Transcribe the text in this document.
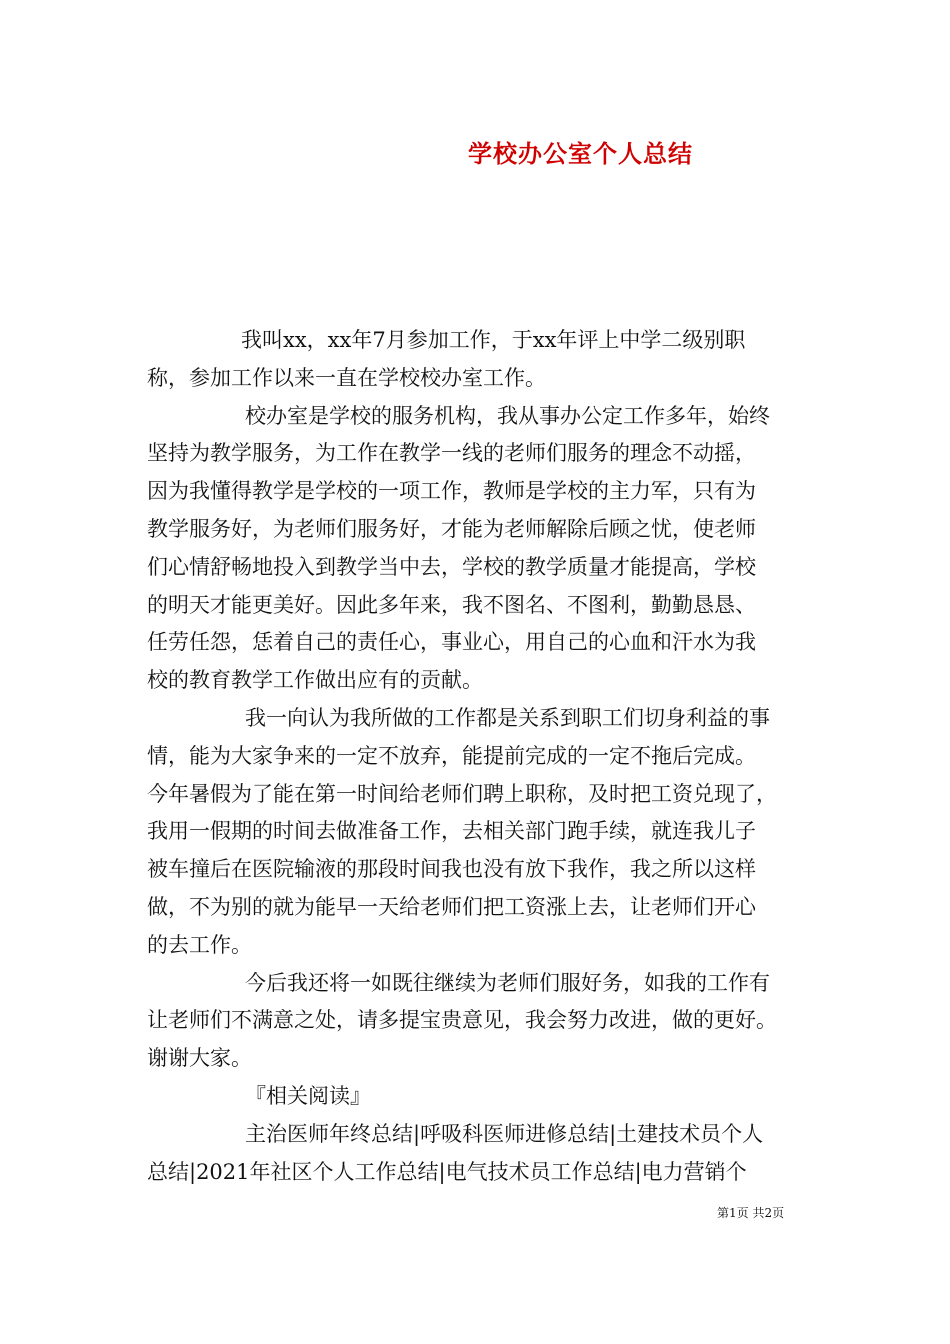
学校办公室个人总结
我叫xx，xx年7月参加工作，于xx年评上中学二级别职
称，参加工作以来一直在学校校办室工作。
校办室是学校的服务机构，我从事办公定工作多年，始终
坚持为教学服务，为工作在教学一线的老师们服务的理念不动摇，
因为我懂得教学是学校的一项工作，教师是学校的主力军，只有为
教学服务好，为老师们服务好，才能为老师解除后顾之忧，使老师
们心情舒畅地投入到教学当中去，学校的教学质量才能提高，学校
的明天才能更美好。因此多年来，我不图名、不图利，勤勤恳恳、
任劳任怨，恁着自己的责任心，事业心，用自己的心血和汗水为我
校的教育教学工作做出应有的贡献。
我一向认为我所做的工作都是关系到职工们切身利益的事
情，能为大家争来的一定不放弃，能提前完成的一定不拖后完成。
今年暑假为了能在第一时间给老师们聘上职称，及时把工资兑现了，
我用一假期的时间去做准备工作，去相关部门跑手续，就连我儿子
被车撞后在医院输液的那段时间我也没有放下我作，我之所以这样
做，不为别的就为能早一天给老师们把工资涨上去，让老师们开心
的去工作。
今后我还将一如既往继续为老师们服好务，如我的工作有
让老师们不满意之处，请多提宝贵意见，我会努力改进，做的更好。
谢谢大家。
『相关阅读』
主治医师年终总结|呼吸科医师进修总结|土建技术员个人
总结|2021年社区个人工作总结|电气技术员工作总结|电力营销个
第1页 共2页
